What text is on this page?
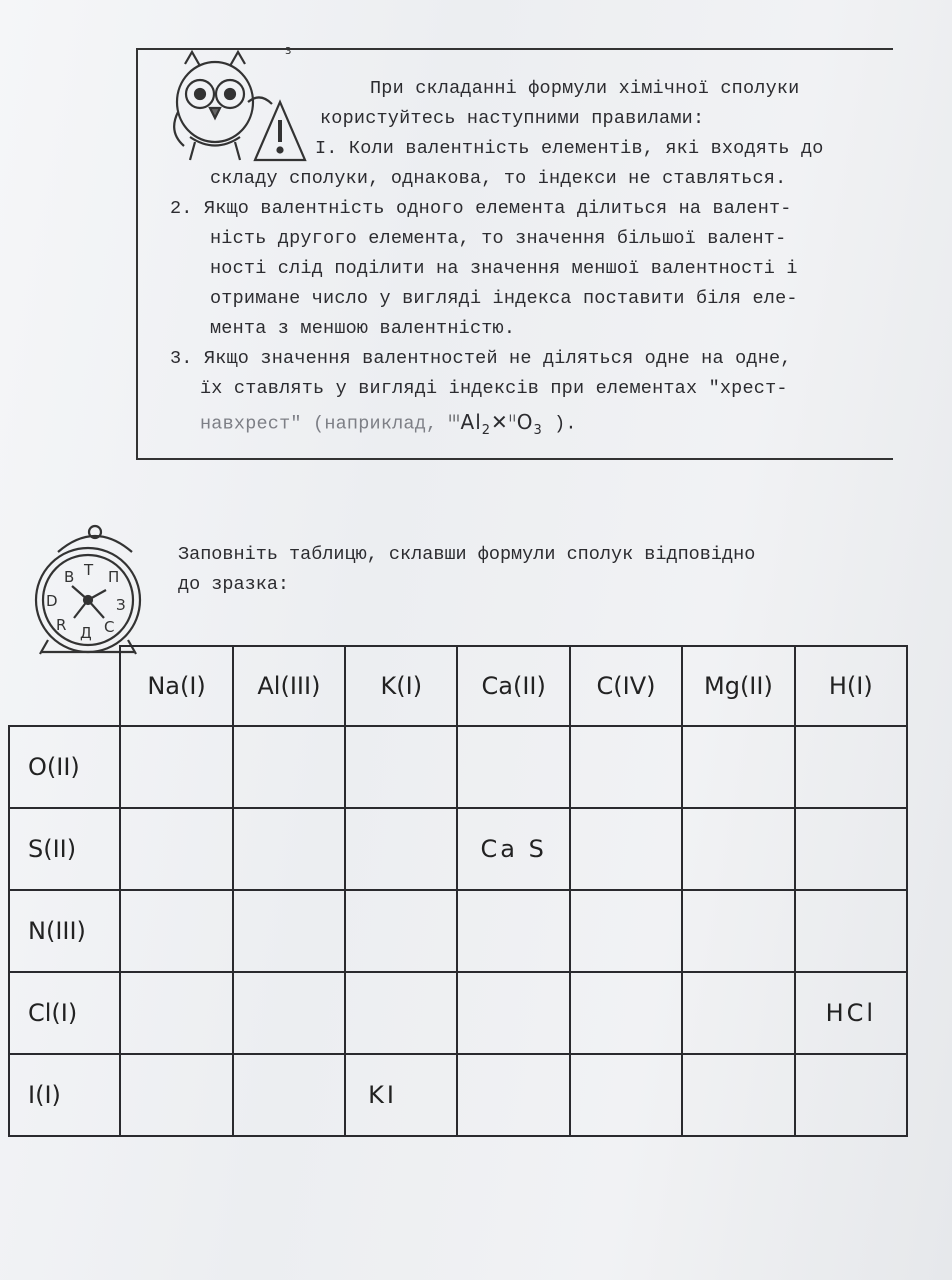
з

При складанні формули хімічної сполуки

користуйтесь наступними правилами:

І. Коли валентність елементів, які входять до

складу сполуки, однакова, то індекси не ставляться.

2. Якщо валентність одного елемента ділиться на валент-

ність другого елемента, то значення більшої валент-

ності слід поділити на значення меншої валентності і

отримане число у вигляді індекса поставити біля еле-

мента з меншою валентністю.

3. Якщо значення валентностей не діляться одне на одне,

їх ставлять у вигляді індексів при елементах "хрест-

навхрест" (наприклад, $^{III}Al_2✕^{II}O_3$ ).

В Т П
D	З
R Д С

Заповніть таблицю, склавши формули сполук відповідно

до зразка:

	Na(I)	Al(III)	K(I)	Ca(II)	C(IV)	Mg(II)	H(I)
O(II)							
S(II)				Ca S			
N(III)							
Cl(I)							HCl
I(I)			KI				
